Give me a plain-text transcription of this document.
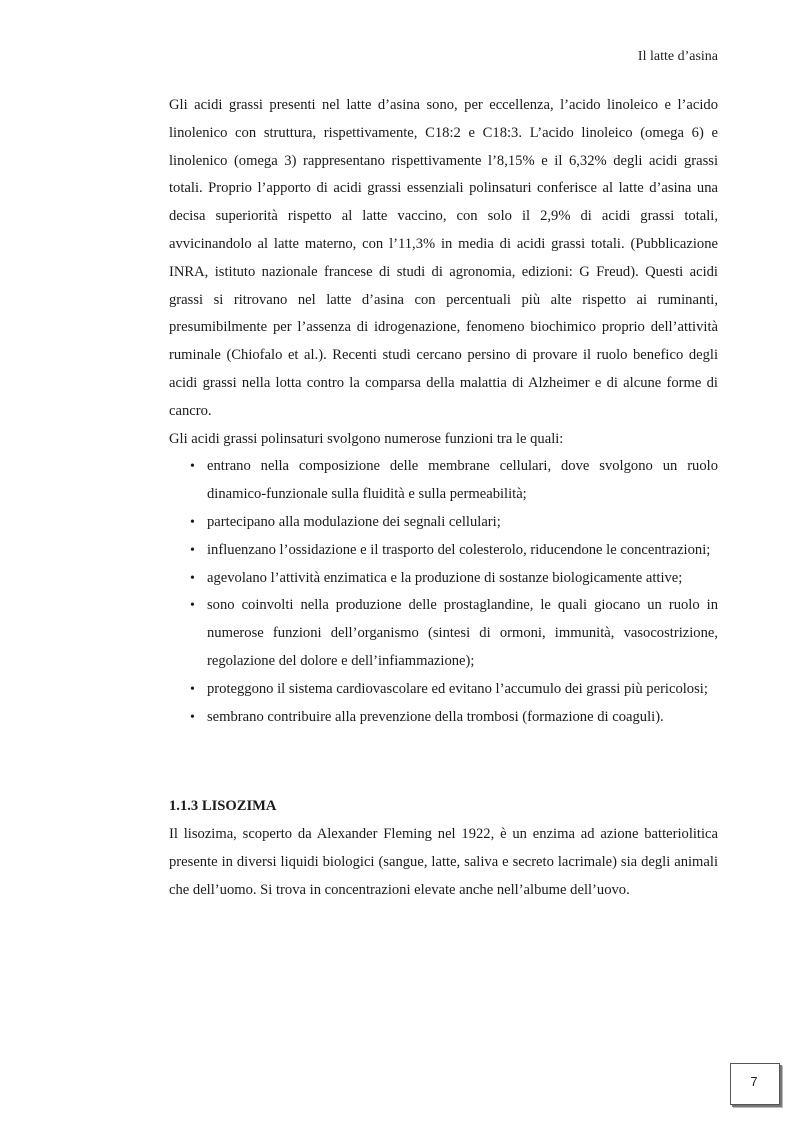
Il latte d’asina

Gli acidi grassi presenti nel latte d’asina sono, per eccellenza, l’acido linoleico e l’acido linolenico con struttura, rispettivamente, C18:2 e C18:3. L’acido linoleico (omega 6) e linolenico (omega 3) rappresentano rispettivamente l’8,15% e il 6,32% degli acidi grassi totali. Proprio l’apporto di acidi grassi essenziali polinsaturi conferisce al latte d’asina una decisa superiorità rispetto al latte vaccino, con solo il 2,9% di acidi grassi totali, avvicinandolo al latte materno, con l’11,3% in media di acidi grassi totali. (Pubblicazione INRA, istituto nazionale francese di studi di agronomia, edizioni: G Freud). Questi acidi grassi si ritrovano nel latte d’asina con percentuali più alte rispetto ai ruminanti, presumibilmente per l’assenza di idrogenazione, fenomeno biochimico proprio dell’attività ruminale (Chiofalo et al.). Recenti studi cercano persino di provare il ruolo benefico degli acidi grassi nella lotta contro la comparsa della malattia di Alzheimer e di alcune forme di cancro.

Gli acidi grassi polinsaturi svolgono numerose funzioni tra le quali:

• entrano nella composizione delle membrane cellulari, dove svolgono un ruolo dinamico-funzionale sulla fluidità e sulla permeabilità;
• partecipano alla modulazione dei segnali cellulari;
• influenzano l’ossidazione e il trasporto del colesterolo, riducendone le concentrazioni;
• agevolano l’attività enzimatica e la produzione di sostanze biologicamente attive;
• sono coinvolti nella produzione delle prostaglandine, le quali giocano un ruolo in numerose funzioni dell’organismo (sintesi di ormoni, immunità, vasocostrizione, regolazione del dolore e dell’infiammazione);
• proteggono il sistema cardiovascolare ed evitano l’accumulo dei grassi più pericolosi;
• sembrano contribuire alla prevenzione della trombosi (formazione di coaguli).
1.1.3 LISOZIMA

Il lisozima, scoperto da Alexander Fleming nel 1922, è un enzima ad azione batteriolitica presente in diversi liquidi biologici (sangue, latte, saliva e secreto lacrimale) sia degli animali che dell’uomo. Si trova in concentrazioni elevate anche nell’albume dell’uovo.

7
